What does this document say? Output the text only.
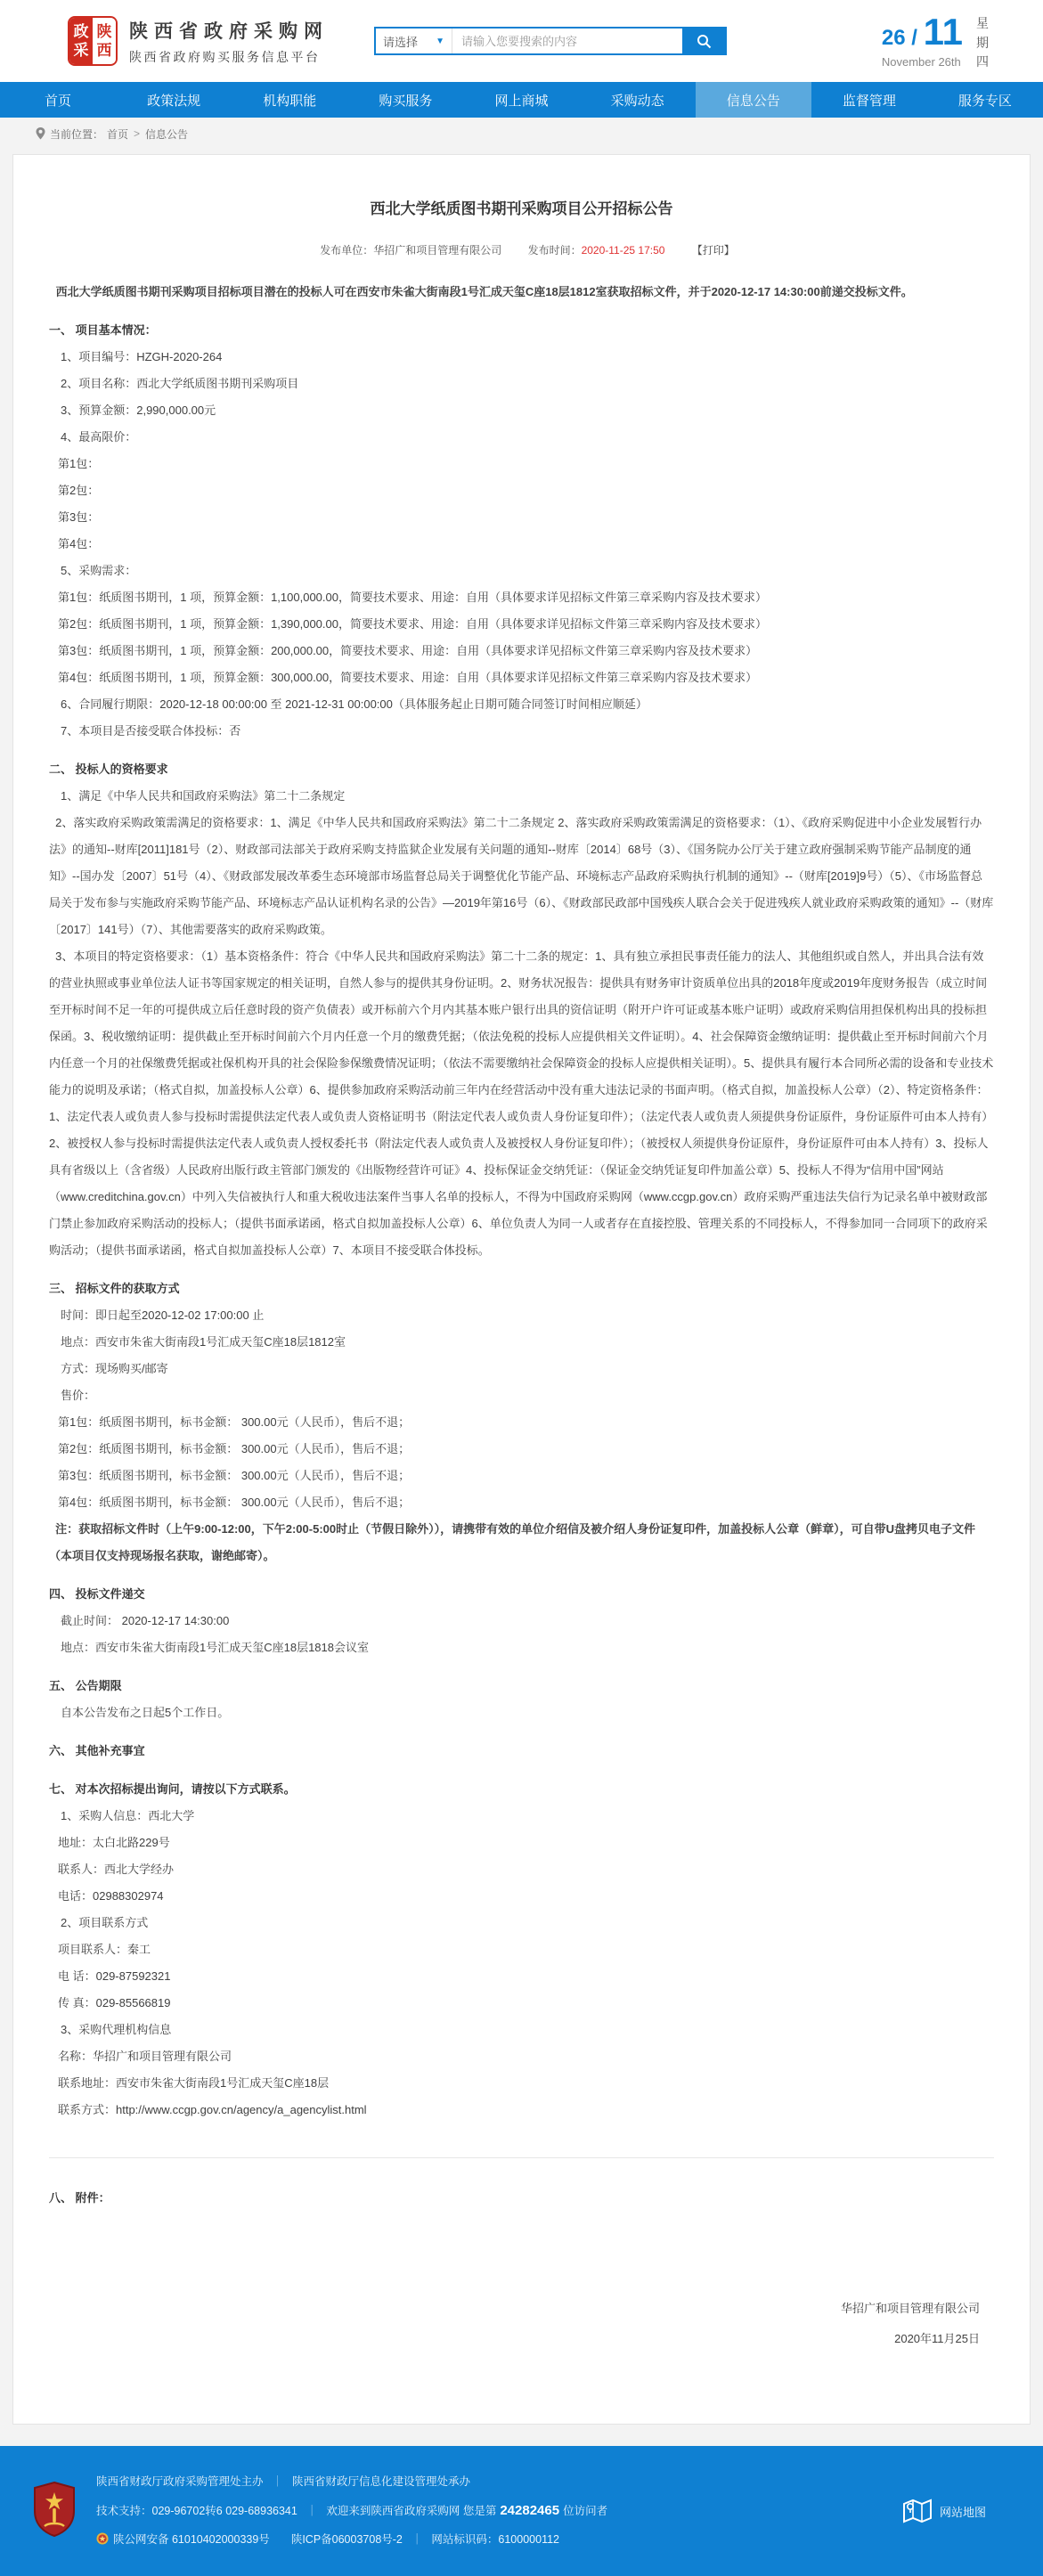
政
采
陕
西
陕西省政府采购网
陕西省政府购买服务信息平台
请选择 ▼
请输入您要搜索的内容	26 / 11
November 26th
星期四
首页	政策法规	机构职能	购买服务	网上商城	采购动态	信息公告	监督管理	服务专区
当前位置： 首页 > 信息公告
西北大学纸质图书期刊采购项目公开招标公告
发布单位：华招广和项目管理有限公司 发布时间：2020-11-25 17:50	【打印】

西北大学纸质图书期刊采购项目招标项目潜在的投标人可在西安市朱雀大街南段1号汇成天玺C座18层1812室获取招标文件，并于2020-12-17 14:30:00前递交投标文件。

一、 项目基本情况：

1、项目编号：HZGH-2020-264

2、项目名称：西北大学纸质图书期刊采购项目

3、预算金额：2,990,000.00元

4、最高限价：

第1包：

第2包：

第3包：

第4包：

5、采购需求：

第1包：纸质图书期刊，1 项，预算金额：1,100,000.00，简要技术要求、用途：自用（具体要求详见招标文件第三章采购内容及技术要求）

第2包：纸质图书期刊，1 项，预算金额：1,390,000.00，简要技术要求、用途：自用（具体要求详见招标文件第三章采购内容及技术要求）

第3包：纸质图书期刊，1 项，预算金额：200,000.00，简要技术要求、用途：自用（具体要求详见招标文件第三章采购内容及技术要求）

第4包：纸质图书期刊，1 项，预算金额：300,000.00，简要技术要求、用途：自用（具体要求详见招标文件第三章采购内容及技术要求）

6、合同履行期限：2020-12-18 00:00:00 至 2021-12-31 00:00:00（具体服务起止日期可随合同签订时间相应顺延）

7、本项目是否接受联合体投标：否

二、 投标人的资格要求

1、满足《中华人民共和国政府采购法》第二十二条规定

2、落实政府采购政策需满足的资格要求：1、满足《中华人民共和国政府采购法》第二十二条规定 2、落实政府采购政策需满足的资格要求：（1）、《政府采购促进中小企业发展暂行办法》的通知--财库[2011]181号（2）、财政部司法部关于政府采购支持监狱企业发展有关问题的通知--财库〔2014〕68号（3）、《国务院办公厅关于建立政府强制采购节能产品制度的通知》--国办发〔2007〕51号（4）、《财政部发展改革委生态环境部市场监督总局关于调整优化节能产品、环境标志产品政府采购执行机制的通知》--（财库[2019]9号）（5）、《市场监督总局关于发布参与实施政府采购节能产品、环境标志产品认证机构名录的公告》—2019年第16号（6）、《财政部民政部中国残疾人联合会关于促进残疾人就业政府采购政策的通知》--（财库〔2017〕141号）（7）、其他需要落实的政府采购政策。

3、本项目的特定资格要求：（1）基本资格条件：符合《中华人民共和国政府采购法》第二十二条的规定：1、具有独立承担民事责任能力的法人、其他组织或自然人，并出具合法有效的营业执照或事业单位法人证书等国家规定的相关证明，自然人参与的提供其身份证明。2、财务状况报告：提供具有财务审计资质单位出具的2018年度或2019年度财务报告（成立时间至开标时间不足一年的可提供成立后任意时段的资产负债表）或开标前六个月内其基本账户银行出具的资信证明（附开户许可证或基本账户证明）或政府采购信用担保机构出具的投标担保函。3、税收缴纳证明：提供截止至开标时间前六个月内任意一个月的缴费凭据；（依法免税的投标人应提供相关文件证明）。4、社会保障资金缴纳证明：提供截止至开标时间前六个月内任意一个月的社保缴费凭据或社保机构开具的社会保险参保缴费情况证明；（依法不需要缴纳社会保障资金的投标人应提供相关证明）。5、提供具有履行本合同所必需的设备和专业技术能力的说明及承诺；（格式自拟，加盖投标人公章）6、提供参加政府采购活动前三年内在经营活动中没有重大违法记录的书面声明。（格式自拟，加盖投标人公章）（2）、特定资格条件：1、法定代表人或负责人参与投标时需提供法定代表人或负责人资格证明书（附法定代表人或负责人身份证复印件）；（法定代表人或负责人须提供身份证原件，身份证原件可由本人持有）2、被授权人参与投标时需提供法定代表人或负责人授权委托书（附法定代表人或负责人及被授权人身份证复印件）；（被授权人须提供身份证原件，身份证原件可由本人持有）3、投标人具有省级以上（含省级）人民政府出版行政主管部门颁发的《出版物经营许可证》4、投标保证金交纳凭证：（保证金交纳凭证复印件加盖公章）5、投标人不得为“信用中国”网站（www.creditchina.gov.cn）中列入失信被执行人和重大税收违法案件当事人名单的投标人，不得为中国政府采购网（www.ccgp.gov.cn）政府采购严重违法失信行为记录名单中被财政部门禁止参加政府采购活动的投标人；（提供书面承诺函，格式自拟加盖投标人公章）6、单位负责人为同一人或者存在直接控股、管理关系的不同投标人，不得参加同一合同项下的政府采购活动；（提供书面承诺函，格式自拟加盖投标人公章）7、本项目不接受联合体投标。

三、 招标文件的获取方式

时间：即日起至2020-12-02 17:00:00 止

地点：西安市朱雀大街南段1号汇成天玺C座18层1812室

方式：现场购买/邮寄

售价：

第1包：纸质图书期刊，标书金额： 300.00元（人民币），售后不退；

第2包：纸质图书期刊，标书金额： 300.00元（人民币），售后不退；

第3包：纸质图书期刊，标书金额： 300.00元（人民币），售后不退；

第4包：纸质图书期刊，标书金额： 300.00元（人民币），售后不退；

注：获取招标文件时（上午9:00-12:00，下午2:00-5:00时止（节假日除外）），请携带有效的单位介绍信及被介绍人身份证复印件，加盖投标人公章（鲜章），可自带U盘拷贝电子文件（本项目仅支持现场报名获取，谢绝邮寄）。

四、 投标文件递交

截止时间： 2020-12-17 14:30:00

地点：西安市朱雀大街南段1号汇成天玺C座18层1818会议室

五、 公告期限

自本公告发布之日起5个工作日。

六、 其他补充事宜

七、 对本次招标提出询问，请按以下方式联系。

1、采购人信息：西北大学

地址：太白北路229号

联系人：西北大学经办

电话：02988302974

2、项目联系方式

项目联系人：秦工

电 话：029-87592321

传 真：029-85566819

3、采购代理机构信息

名称：华招广和项目管理有限公司

联系地址：西安市朱雀大街南段1号汇成天玺C座18层

联系方式：http://www.ccgp.gov.cn/agency/a_agencylist.html

八、 附件：

华招广和项目管理有限公司
2020年11月25日
陕西省财政厅政府采购管理处主办 ｜ 陕西省财政厅信息化建设管理处承办
技术支持：029-96702转6 029-68936341 ｜ 欢迎来到陕西省政府采购网 您是第 24282465 位访问者
陕公网安备 61010402000339号 陕ICP备06003708号-2 ｜ 网站标识码：6100000112
网站地图
